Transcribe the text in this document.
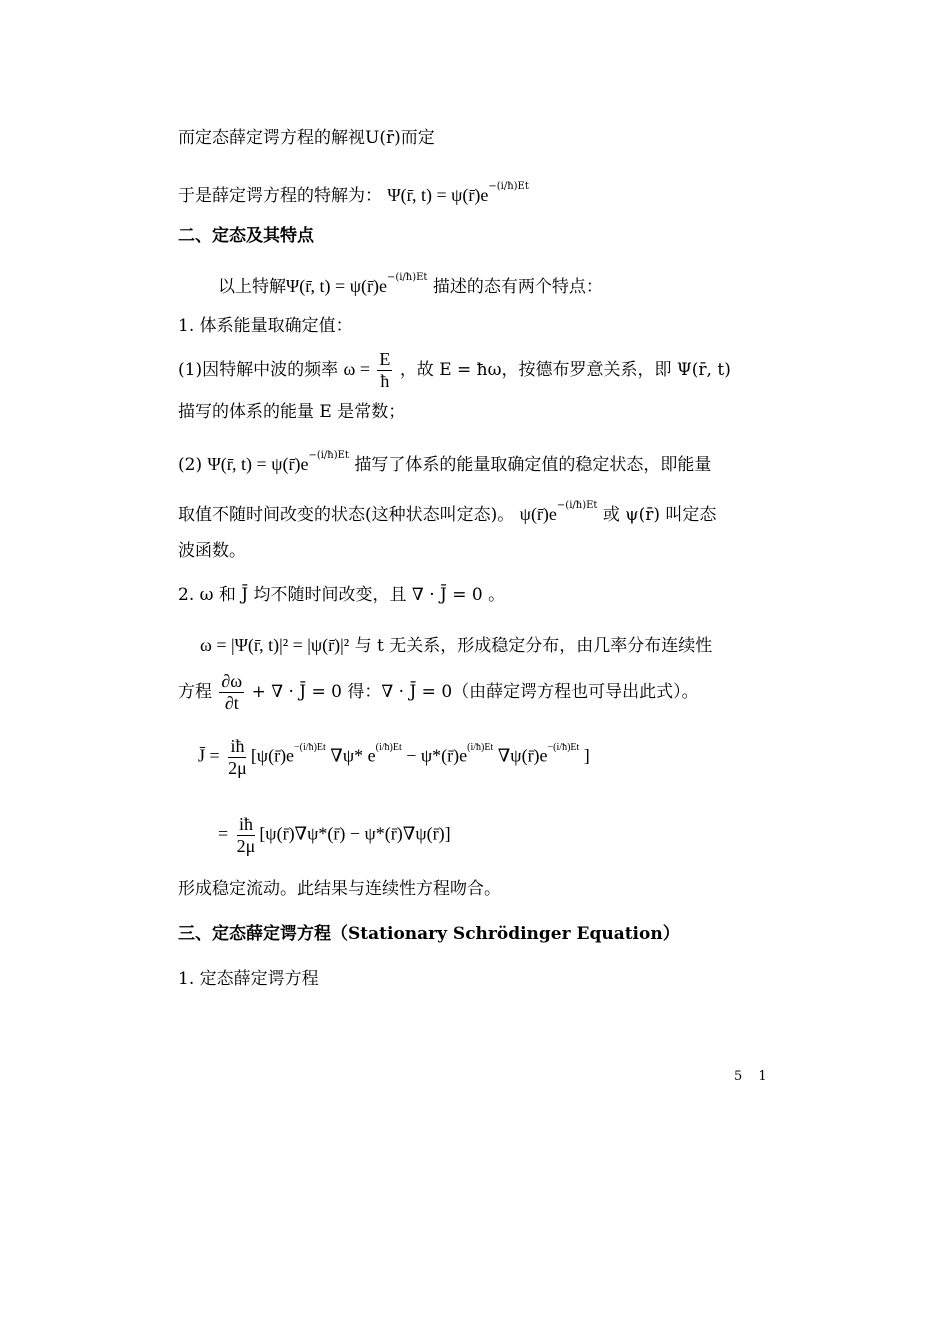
而定态薛定谔方程的解视U(r̄)而定
于是薛定谔方程的特解为： Ψ(r̄, t) = ψ(r̄)e−(i/ħ)Et
二、定态及其特点
以上特解Ψ(r̄, t) = ψ(r̄)e−(i/ħ)Et 描述的态有两个特点：
1. 体系能量取确定值：
(1)因特解中波的频率 $\omega = \frac{E}{ħ}$ ，故 E = ħω，按德布罗意关系，即 Ψ(r̄, t)
描写的体系的能量 E 是常数；
(2) Ψ(r̄, t) = ψ(r̄)e−(i/ħ)Et 描写了体系的能量取确定值的稳定状态，即能量
取值不随时间改变的状态(这种状态叫定态)。 ψ(r̄)e−(i/ħ)Et 或 ψ(r̄) 叫定态
波函数。
2. ω 和 J̄ 均不随时间改变，且 ∇ · J̄ = 0 。
ω = |Ψ(r̄, t)|² = |ψ(r̄)|² 与 t 无关系，形成稳定分布，由几率分布连续性
方程 $\frac{\partial\omega}{\partial t}$ + ∇ · J̄ = 0 得：∇ · J̄ = 0（由薛定谔方程也可导出此式）。
J̄ = $\frac{iħ}{2\mu}$ [ψ(r̄)e−(i/ħ)Et ∇ψ* e(i/ħ)Et − ψ*(r̄)e(i/ħ)Et ∇ψ(r̄)e−(i/ħ)Et ]
= $\frac{iħ}{2\mu}$ [ψ(r̄)∇ψ*(r̄) − ψ*(r̄)∇ψ(r̄)]
形成稳定流动。此结果与连续性方程吻合。
三、定态薛定谔方程（Stationary Schrödinger Equation）
1. 定态薛定谔方程
5 1
